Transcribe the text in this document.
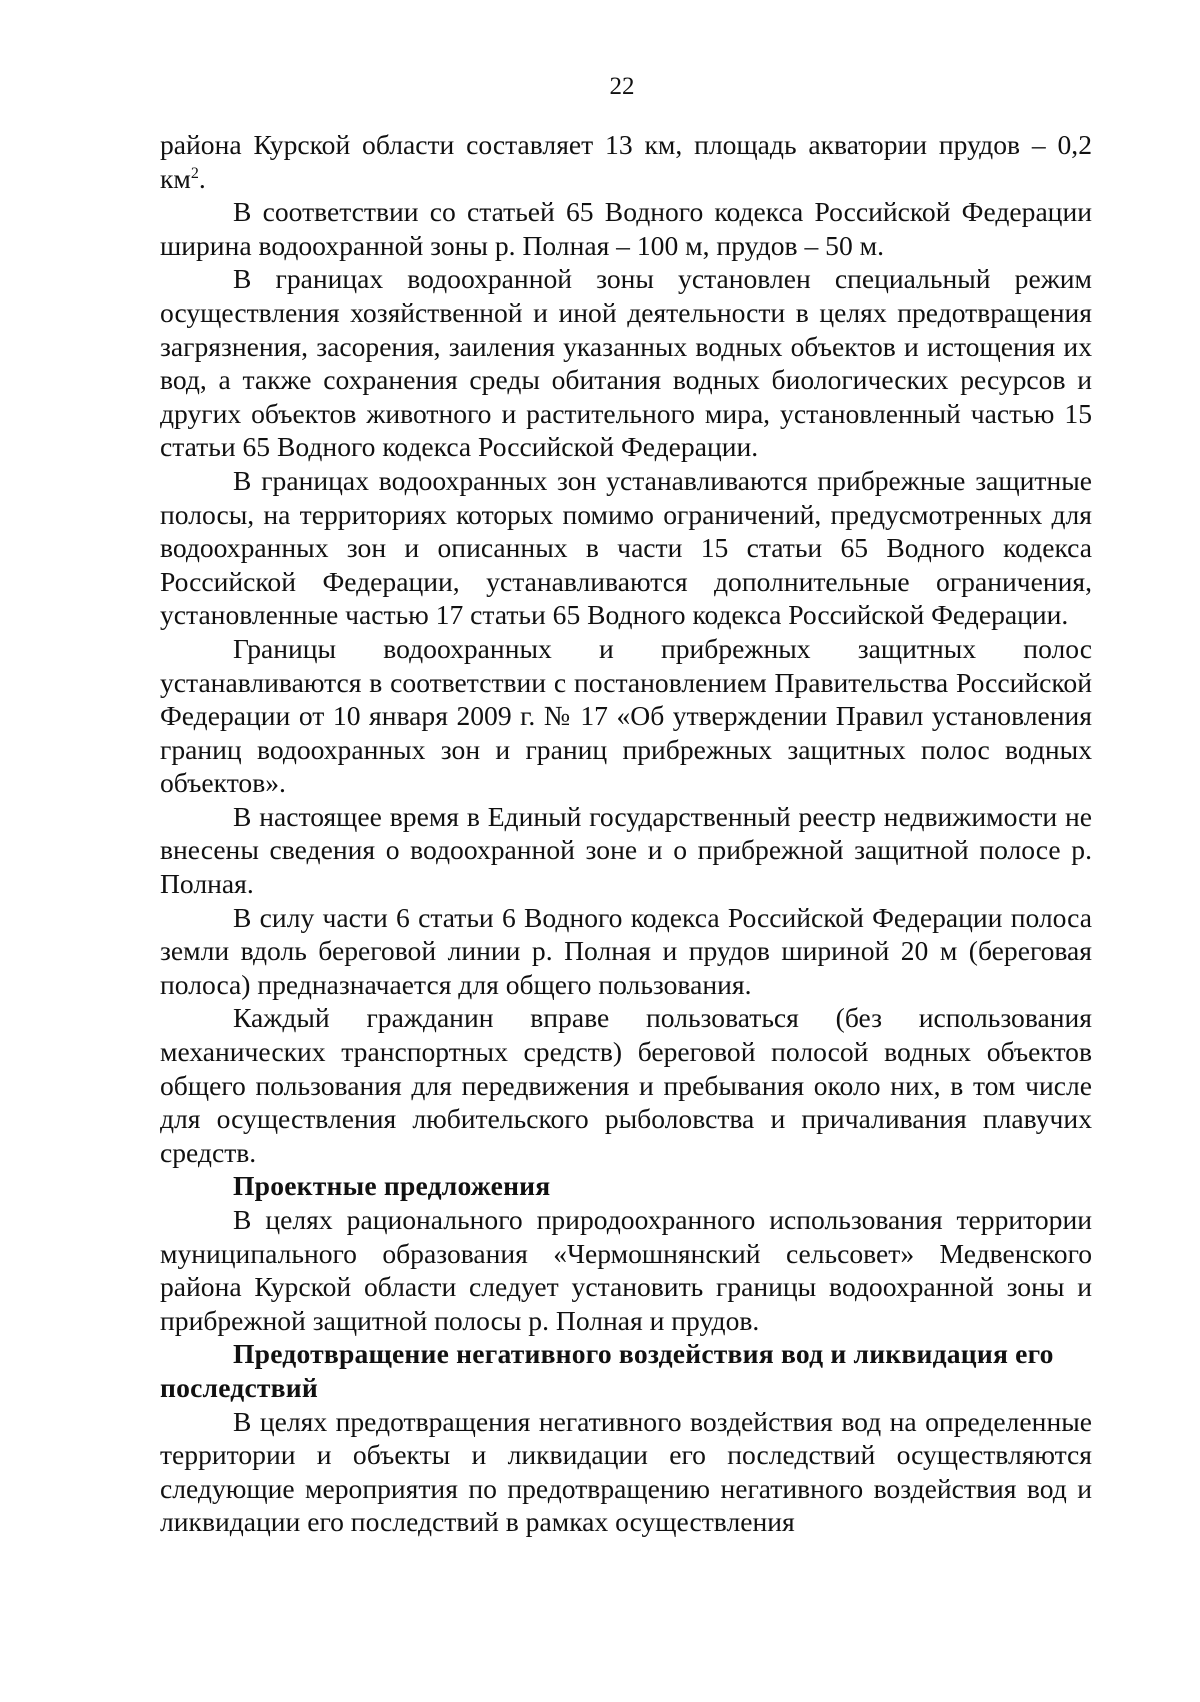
22

района Курской области составляет 13 км, площадь акватории прудов – 0,2 $км^2$.

В соответствии со статьей 65 Водного кодекса Российской Федерации ширина водоохранной зоны р. Полная – 100 м, прудов – 50 м.

В границах водоохранной зоны установлен специальный режим осуществления хозяйственной и иной деятельности в целях предотвращения загрязнения, засорения, заиления указанных водных объектов и истощения их вод, а также сохранения среды обитания водных биологических ресурсов и других объектов животного и растительного мира, установленный частью 15 статьи 65 Водного кодекса Российской Федерации.

В границах водоохранных зон устанавливаются прибрежные защитные полосы, на территориях которых помимо ограничений, предусмотренных для водоохранных зон и описанных в части 15 статьи 65 Водного кодекса Российской Федерации, устанавливаются дополнительные ограничения, установленные частью 17 статьи 65 Водного кодекса Российской Федерации.

Границы водоохранных и прибрежных защитных полос устанавливаются в соответствии с постановлением Правительства Российской Федерации от 10 января 2009 г. № 17 «Об утверждении Правил установления границ водоохранных зон и границ прибрежных защитных полос водных объектов».

В настоящее время в Единый государственный реестр недвижимости не внесены сведения о водоохранной зоне и о прибрежной защитной полосе р. Полная.

В силу части 6 статьи 6 Водного кодекса Российской Федерации полоса земли вдоль береговой линии р. Полная и прудов шириной 20 м (береговая полоса) предназначается для общего пользования.

Каждый гражданин вправе пользоваться (без использования механических транспортных средств) береговой полосой водных объектов общего пользования для передвижения и пребывания около них, в том числе для осуществления любительского рыболовства и причаливания плавучих средств.

Проектные предложения

В целях рационального природоохранного использования территории муниципального образования «Чермошнянский сельсовет» Медвенского района Курской области следует установить границы водоохранной зоны и прибрежной защитной полосы р. Полная и прудов.

Предотвращение негативного воздействия вод и ликвидация его последствий

В целях предотвращения негативного воздействия вод на определенные территории и объекты и ликвидации его последствий осуществляются следующие мероприятия по предотвращению негативного воздействия вод и ликвидации его последствий в рамках осуществления
